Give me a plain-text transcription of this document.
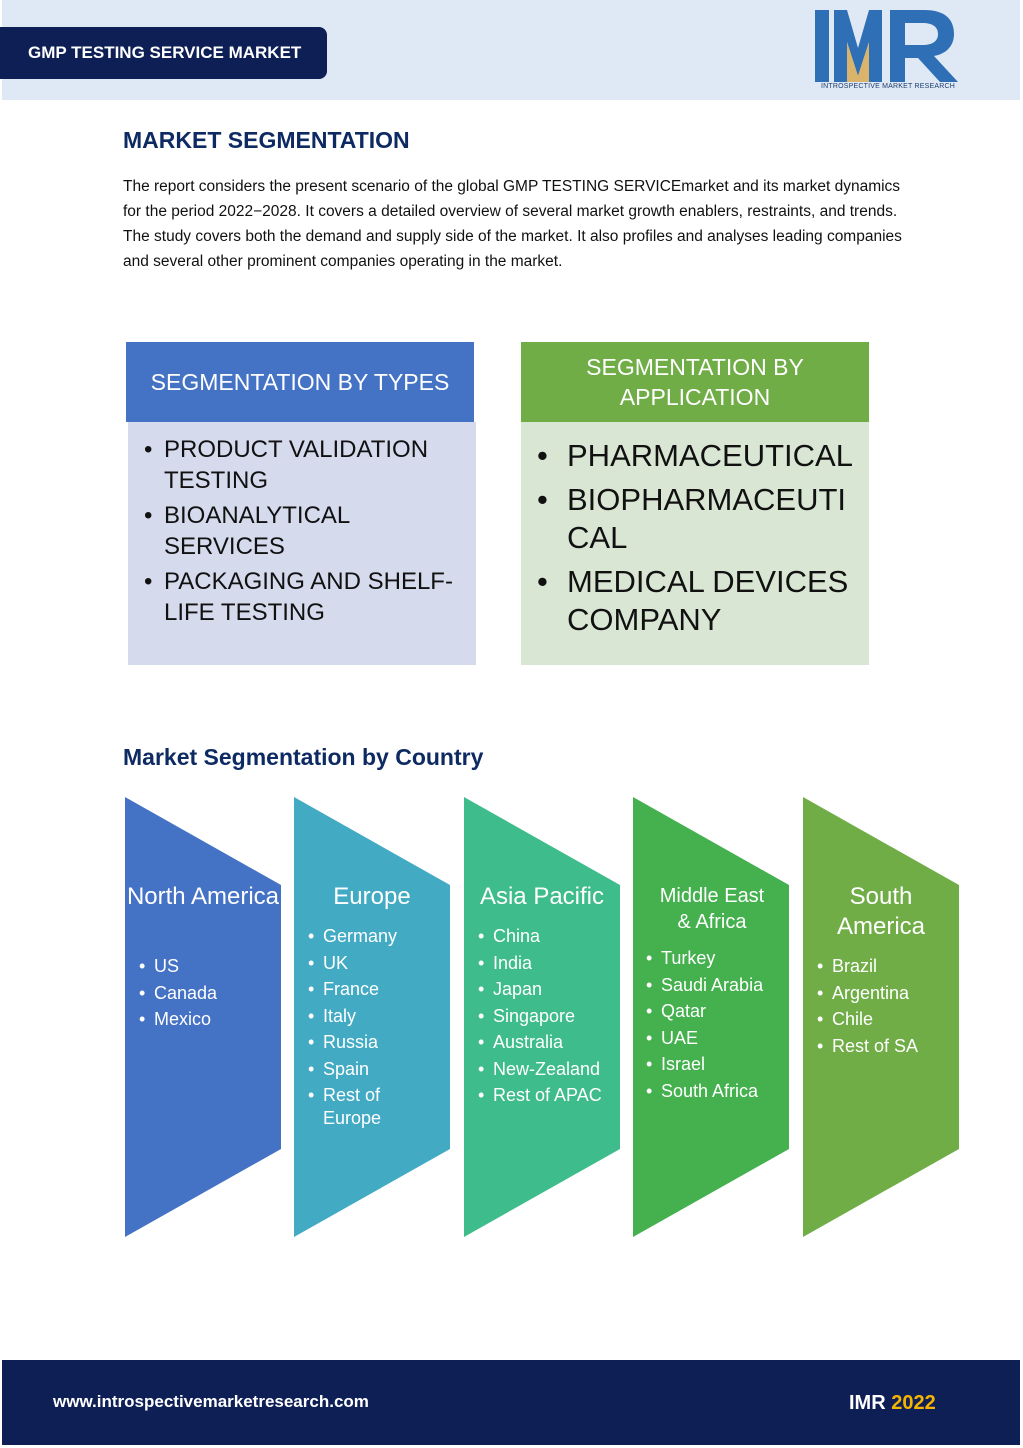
GMP TESTING SERVICE MARKET
INTROSPECTIVE MARKET RESEARCH
MARKET SEGMENTATION

The report considers the present scenario of the global GMP TESTING SERVICEmarket and its market dynamics for the period 2022−2028. It covers a detailed overview of several market growth enablers, restraints, and trends. The study covers both the demand and supply side of the market. It also profiles and analyses leading companies and several other prominent companies operating in the market.

SEGMENTATION BY TYPES
• PRODUCT VALIDATION TESTING
• BIOANALYTICAL SERVICES
• PACKAGING AND SHELF-LIFE TESTING
SEGMENTATION BY APPLICATION
• PHARMACEUTICAL
• BIOPHARMACEUTICAL
• MEDICAL DEVICES COMPANY
Market Segmentation by Country
North America
• US
• Canada
• Mexico
Europe
• Germany
• UK
• France
• Italy
• Russia
• Spain
• Rest of Europe
Asia Pacific
• China
• India
• Japan
• Singapore
• Australia
• New-Zealand
• Rest of APAC
Middle East & Africa
• Turkey
• Saudi Arabia
• Qatar
• UAE
• Israel
• South Africa
South America
• Brazil
• Argentina
• Chile
• Rest of SA
www.introspectivemarketresearch.com	IMR 2022
